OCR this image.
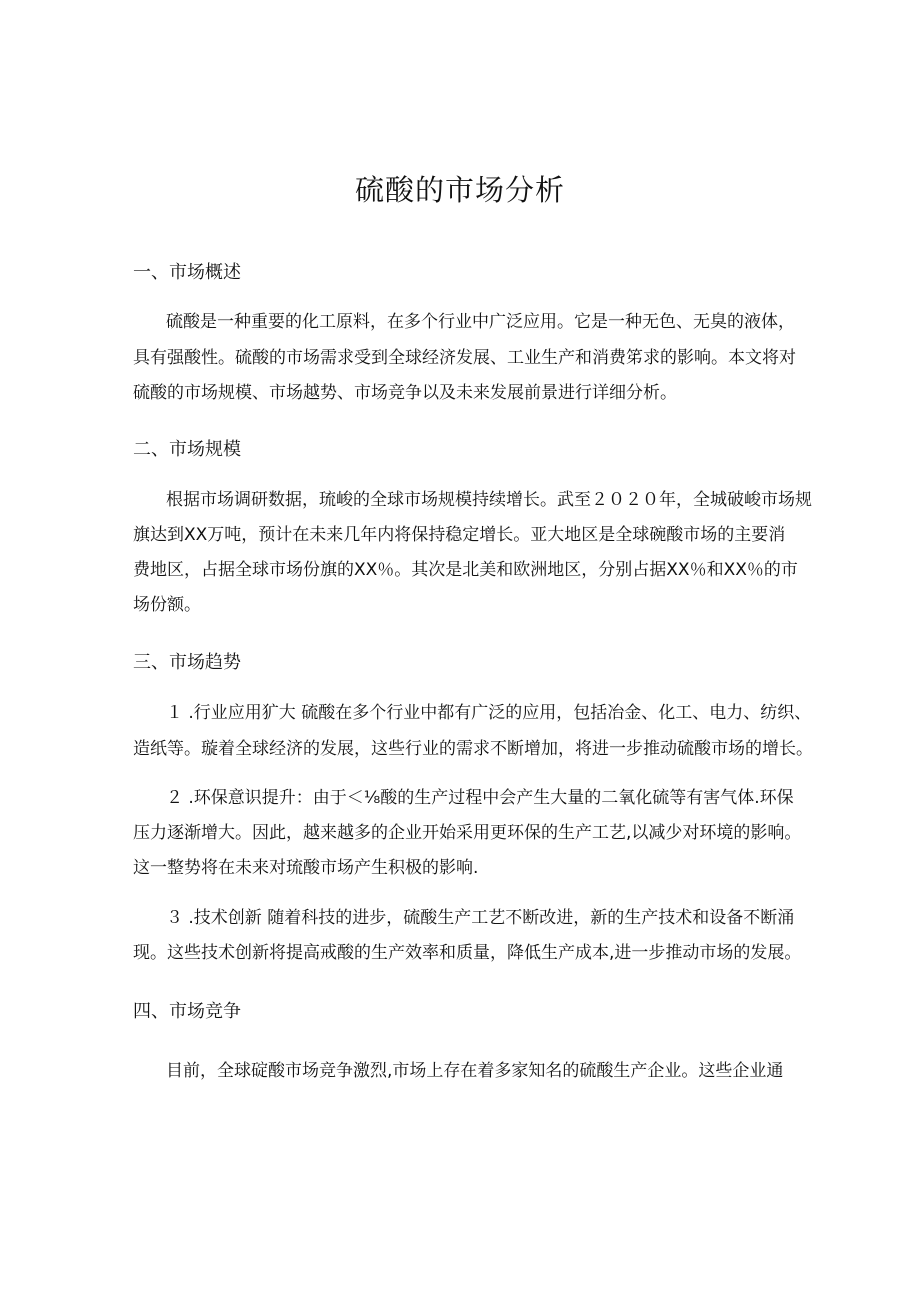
硫酸的市场分析
一、市场概述
硫酸是一种重要的化工原料，在多个行业中广泛应用。它是一种无色、无臭的液体，
具有强酸性。硫酸的市场需求受到全球经济发展、工业生产和消费笫求的影响。本文将对
硫酸的市场规模、市场越势、市场竞争以及未来发展前景进行详细分析。
二、市场规模
根据市场调研数据，琉峻的全球市场规模持续增长。武至２０２０年，全城破峻市场规
旗达到XX万吨，预计在未来几年内将保持稳定增长。亚大地区是全球碗酸市场的主要消
费地区，占据全球市场份旗的XX％。其次是北美和欧洲地区，分别占据XX％和XX％的市
场份额。
三、市场趋势
１ .行业应用犷大 硫酸在多个行业中都有广泛的应用，包括冶金、化工、电力、纺织、
造纸等。璇着全球经济的发展，这些行业的需求不断增加，将进一步推动硫酸市场的增长。
２ .环保意识提升：由于＜⅛酸的生产过程中会产生大量的二氧化硫等有害气体.环保
压力逐渐增大。因此，越来越多的企业开始采用更环保的生产工艺,以减少对环境的影响。
这一整势将在未来对琉酸市场产生积极的影响.
３ .技术创新 随着科技的进步，硫酸生产工艺不断改进，新的生产技术和设备不断涌
现。这些技术创新将提高戒酸的生产效率和质量，降低生产成本,进一步推动市场的发展。
四、市场竞争
目前，全球碇酸市场竞争激烈,市场上存在着多家知名的硫酸生产企业。这些企业通
